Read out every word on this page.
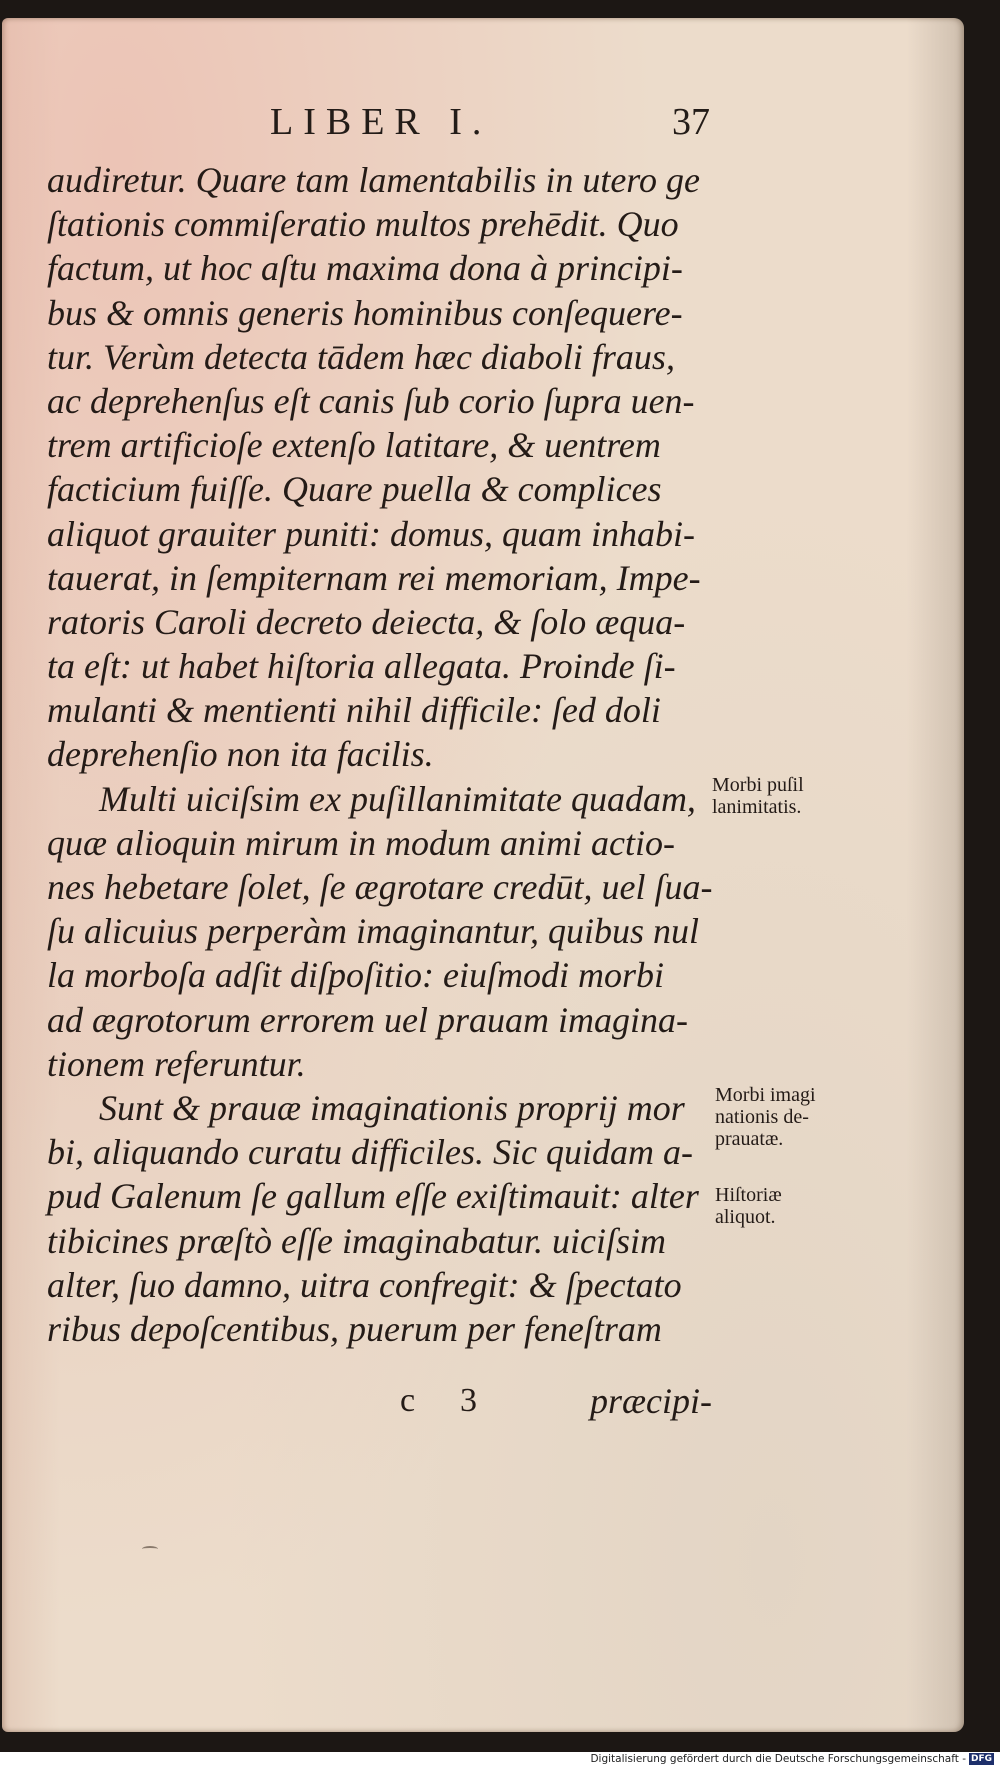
LIBER I.	37
audiretur. Quare tam lamentabilis in utero ge
ſtationis commiſeratio multos prehēdit. Quo
factum, ut hoc aſtu maxima dona à principi-
bus & omnis generis hominibus conſequere-
tur. Verùm detecta tādem hæc diaboli fraus,
ac deprehenſus eſt canis ſub corio ſupra uen-
trem artificioſe extenſo latitare, & uentrem
facticium fuiſſe. Quare puella & complices
aliquot grauiter puniti: domus, quam inhabi-
tauerat, in ſempiternam rei memoriam, Impe-
ratoris Caroli decreto deiecta, & ſolo æqua-
ta eſt: ut habet hiſtoria allegata. Proinde ſi-
mulanti & mentienti nihil difficile: ſed doli
deprehenſio non ita facilis.
Multi uiciſsim ex puſillanimitate quadam,
quæ alioquin mirum in modum animi actio-
nes hebetare ſolet, ſe ægrotare credūt, uel ſua-
ſu alicuius perperàm imaginantur, quibus nul
la morboſa adſit diſpoſitio: eiuſmodi morbi
ad ægrotorum errorem uel prauam imagina-
tionem referuntur.
Sunt & prauæ imaginationis proprij mor
bi, aliquando curatu difficiles. Sic quidam a-
pud Galenum ſe gallum eſſe exiſtimauit: alter
tibicines præſtò eſſe imaginabatur. uiciſsim
alter, ſuo damno, uitra confregit: & ſpectato
ribus depoſcentibus, puerum per feneſtram
Morbi puſil
lanimitatis.
Morbi imagi
nationis de-
prauatæ.
Hiſtoriæ
aliquot.
c 3	præcipi-
Digitalisierung gefördert durch die Deutsche Forschungsgemeinschaft - DFG
